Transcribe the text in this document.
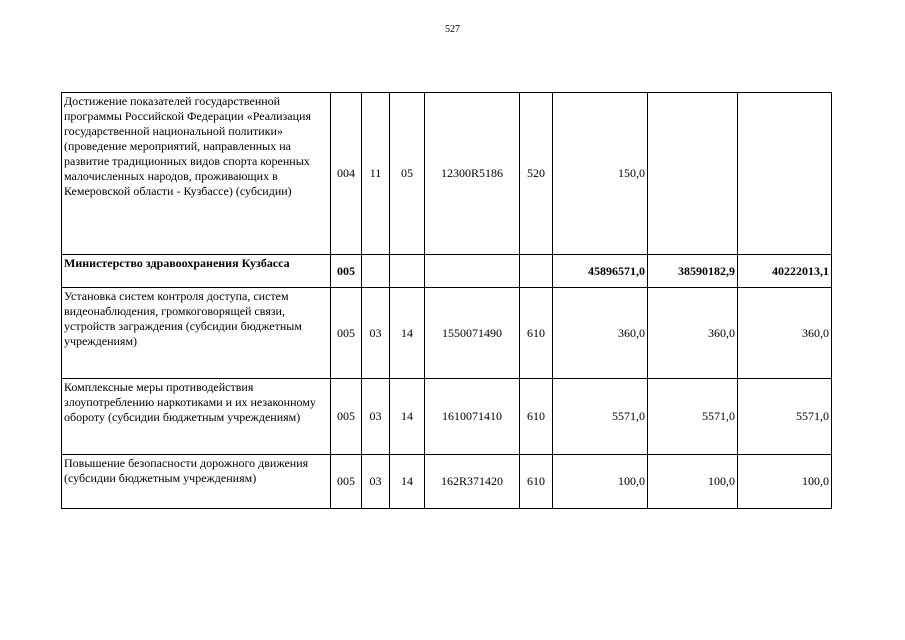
527
Достижение показателей государственной программы Российской Федерации «Реализация государственной национальной политики» (проведение мероприятий, направленных на развитие традиционных видов спорта коренных малочисленных народов, проживающих в Кемеровской области - Кузбассе) (субсидии)	004	11	05	12300R5186	520	150,0		
Министерство здравоохранения Кузбасса	005					45896571,0	38590182,9	40222013,1
Установка систем контроля доступа, систем видеонаблюдения, громкоговорящей связи, устройств заграждения (субсидии бюджетным учреждениям)	005	03	14	1550071490	610	360,0	360,0	360,0
Комплексные меры противодействия злоупотреблению наркотиками и их незаконному обороту (субсидии бюджетным учреждениям)	005	03	14	1610071410	610	5571,0	5571,0	5571,0
Повышение безопасности дорожного движения (субсидии бюджетным учреждениям)	005	03	14	162R371420	610	100,0	100,0	100,0
